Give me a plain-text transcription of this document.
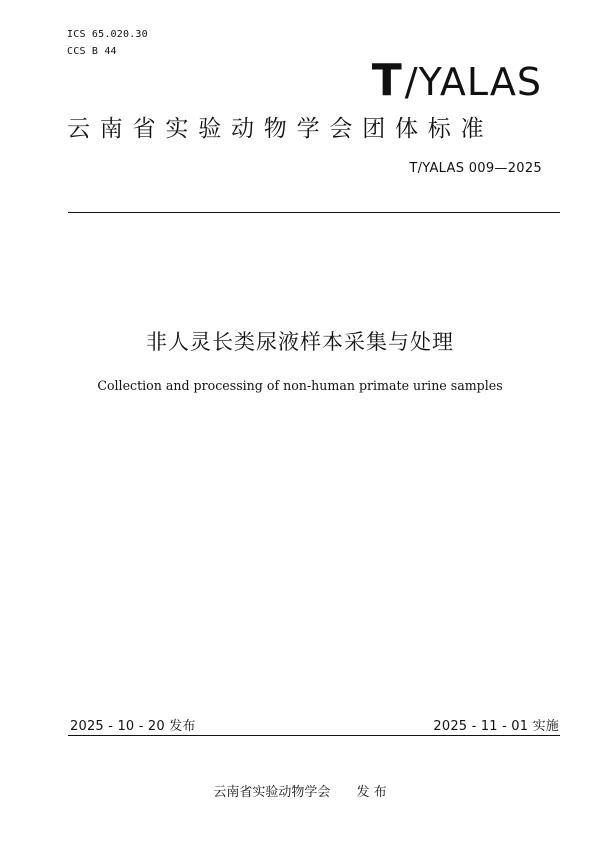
ICS 65.020.30
CCS B 44
T/YALAS
云南省实验动物学会团体标准
T/YALAS 009—2025
非人灵长类尿液样本采集与处理
Collection and processing of non-human primate urine samples
2025 - 10 - 20 发布	2025 - 11 - 01 实施
云南省实验动物学会 发 布
